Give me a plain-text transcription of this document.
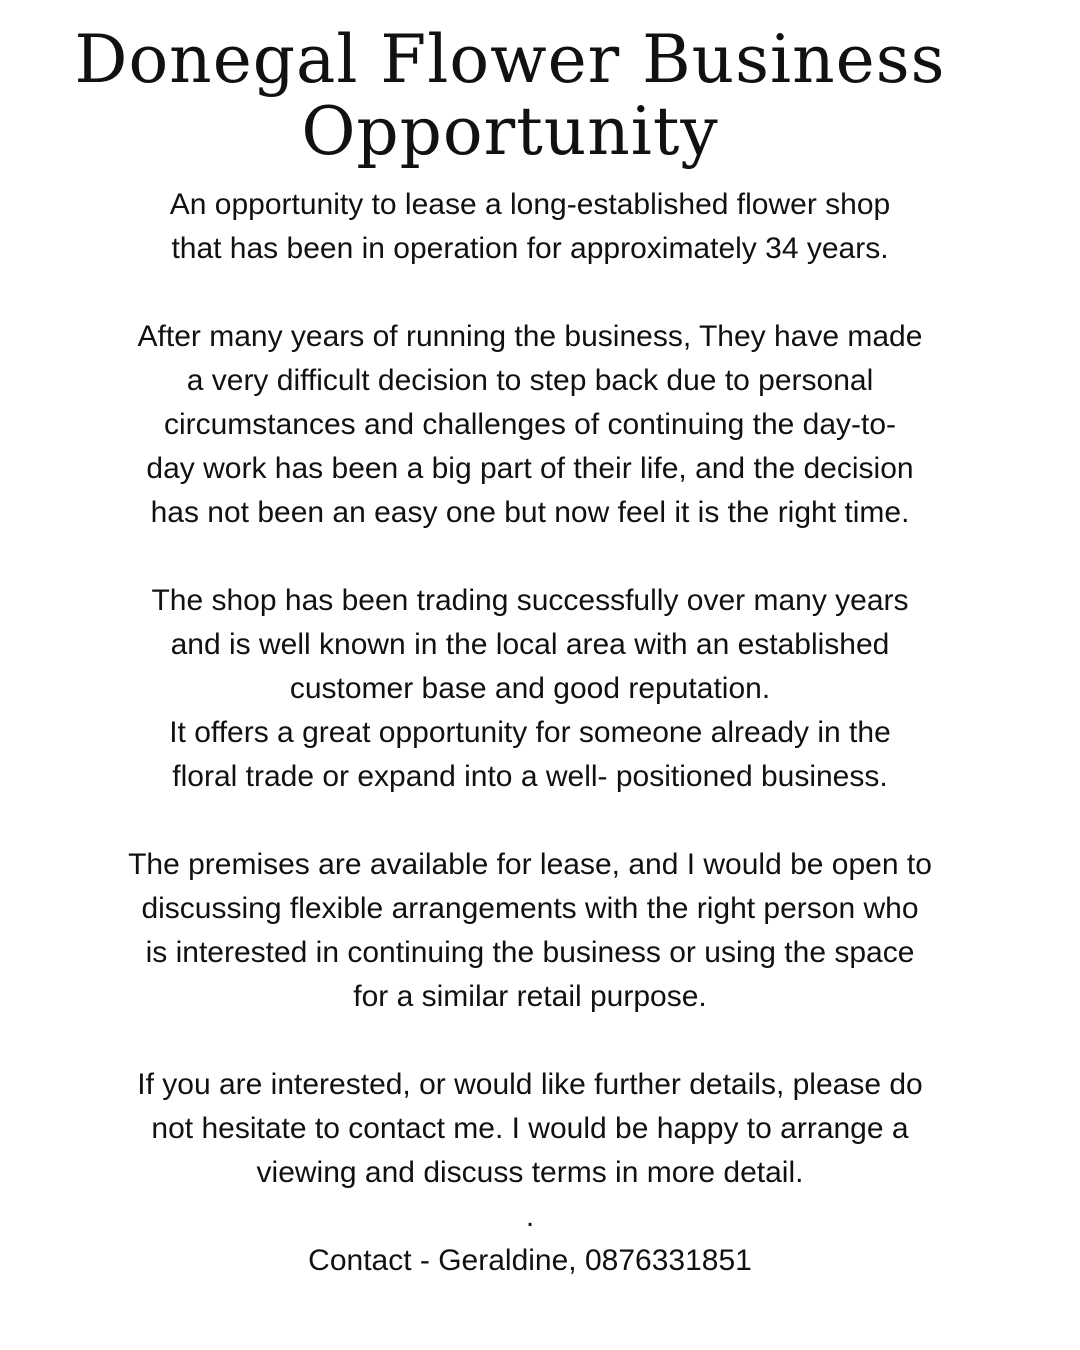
Donegal Flower Business
Opportunity
An opportunity to lease a long-established flower shop
that has been in operation for approximately 34 years.
After many years of running the business, They have made
a very difficult decision to step back due to personal
circumstances and challenges of continuing the day-to-
day work has been a big part of their life, and the decision
has not been an easy one but now feel it is the right time.
The shop has been trading successfully over many years
and is well known in the local area with an established
customer base and good reputation.
It offers a great opportunity for someone already in the
floral trade or expand into a well- positioned business.
The premises are available for lease, and I would be open to
discussing flexible arrangements with the right person who
is interested in continuing the business or using the space
for a similar retail purpose.
If you are interested, or would like further details, please do
not hesitate to contact me. I would be happy to arrange a
viewing and discuss terms in more detail.
.
Contact - Geraldine, 0876331851
